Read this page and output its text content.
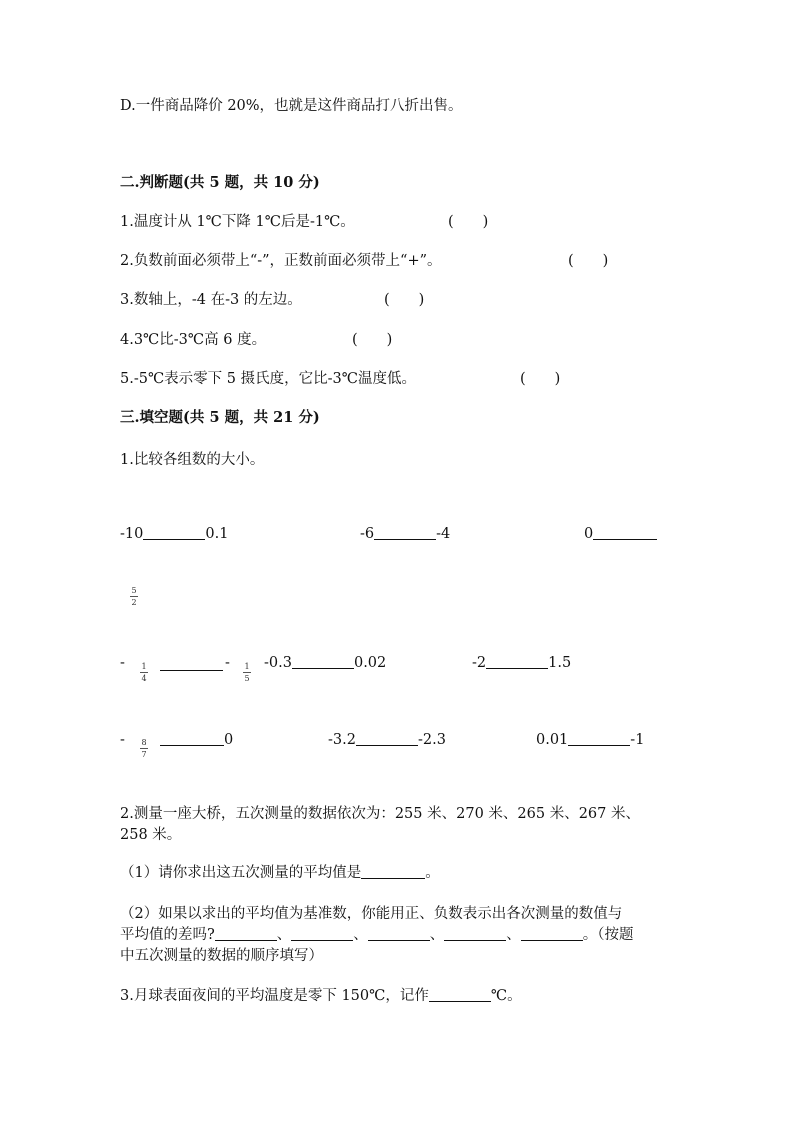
D.一件商品降价 20%，也就是这件商品打八折出售。
二.判断题(共 5 题，共 10 分)
1.温度计从 1℃下降 1℃后是-1℃。	(　　)
2.负数前面必须带上“-”，正数前面必须带上“+”。	(　　)
3.数轴上，-4 在-3 的左边。	(　　)
4.3℃比-3℃高 6 度。	(　　)
5.-5℃表示零下 5 摄氏度，它比-3℃温度低。	(　　)
三.填空题(共 5 题，共 21 分)
1.比较各组数的大小。
-10	0.1	-6	-4	0
5
2
- 1
4
- 1
5
-0.3	0.02	-2	1.5
- 8
7
0	-3.2	-2.3	0.01	-1
2.测量一座大桥，五次测量的数据依次为：255 米、270 米、265 米、267 米、
258 米。
（1）请你求出这五次测量的平均值是	。
（2）如果以求出的平均值为基准数，你能用正、负数表示出各次测量的数值与
平均值的差吗?	、	、	、	、	。（按题
中五次测量的数据的顺序填写）
3.月球表面夜间的平均温度是零下 150℃，记作	℃。
